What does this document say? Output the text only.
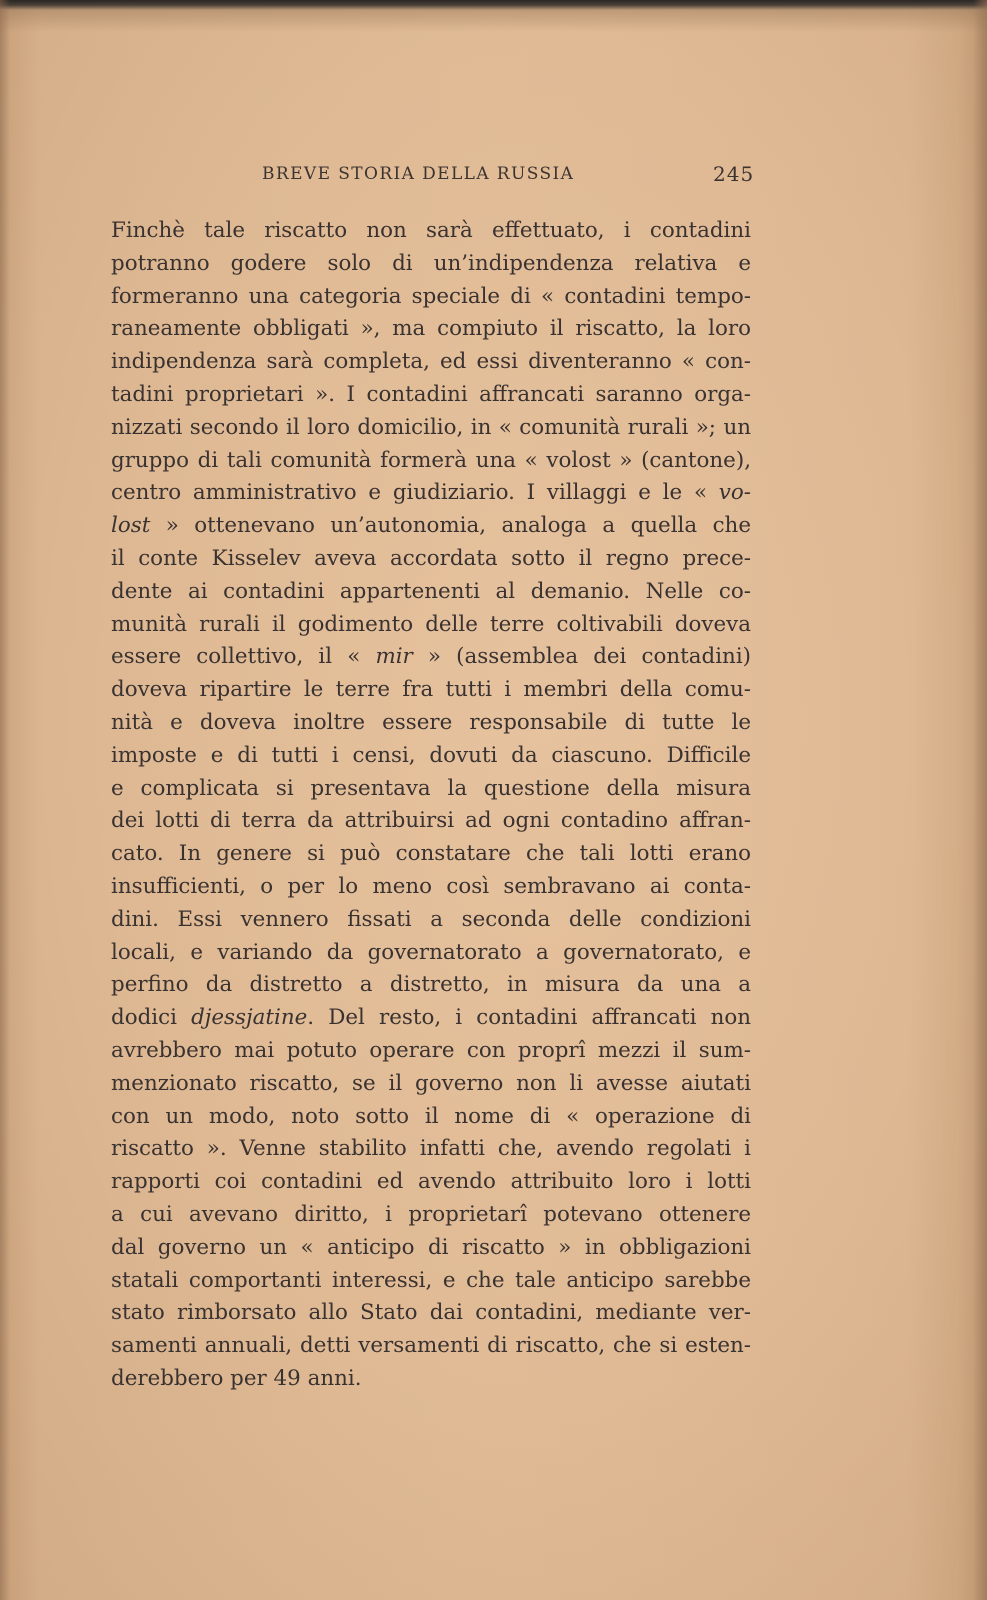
BREVE STORIA DELLA RUSSIA	245
Finchè tale riscatto non sarà effettuato, i contadini
potranno godere solo di un’indipendenza relativa e
formeranno una categoria speciale di « contadini tempo-
raneamente obbligati », ma compiuto il riscatto, la loro
indipendenza sarà completa, ed essi diventeranno « con-
tadini proprietari ». I contadini affrancati saranno orga-
nizzati secondo il loro domicilio, in « comunità rurali »; un
gruppo di tali comunità formerà una « volost » (cantone),
centro amministrativo e giudiziario. I villaggi e le « vo-
lost » ottenevano un’autonomia, analoga a quella che
il conte Kisselev aveva accordata sotto il regno prece-
dente ai contadini appartenenti al demanio. Nelle co-
munità rurali il godimento delle terre coltivabili doveva
essere collettivo, il « mir » (assemblea dei contadini)
doveva ripartire le terre fra tutti i membri della comu-
nità e doveva inoltre essere responsabile di tutte le
imposte e di tutti i censi, dovuti da ciascuno. Difficile
e complicata si presentava la questione della misura
dei lotti di terra da attribuirsi ad ogni contadino affran-
cato. In genere si può constatare che tali lotti erano
insufficienti, o per lo meno così sembravano ai conta-
dini. Essi vennero fissati a seconda delle condizioni
locali, e variando da governatorato a governatorato, e
perfino da distretto a distretto, in misura da una a
dodici djessjatine. Del resto, i contadini affrancati non
avrebbero mai potuto operare con proprî mezzi il sum-
menzionato riscatto, se il governo non li avesse aiutati
con un modo, noto sotto il nome di « operazione di
riscatto ». Venne stabilito infatti che, avendo regolati i
rapporti coi contadini ed avendo attribuito loro i lotti
a cui avevano diritto, i proprietarî potevano ottenere
dal governo un « anticipo di riscatto » in obbligazioni
statali comportanti interessi, e che tale anticipo sarebbe
stato rimborsato allo Stato dai contadini, mediante ver-
samenti annuali, detti versamenti di riscatto, che si esten-
derebbero per 49 anni.
